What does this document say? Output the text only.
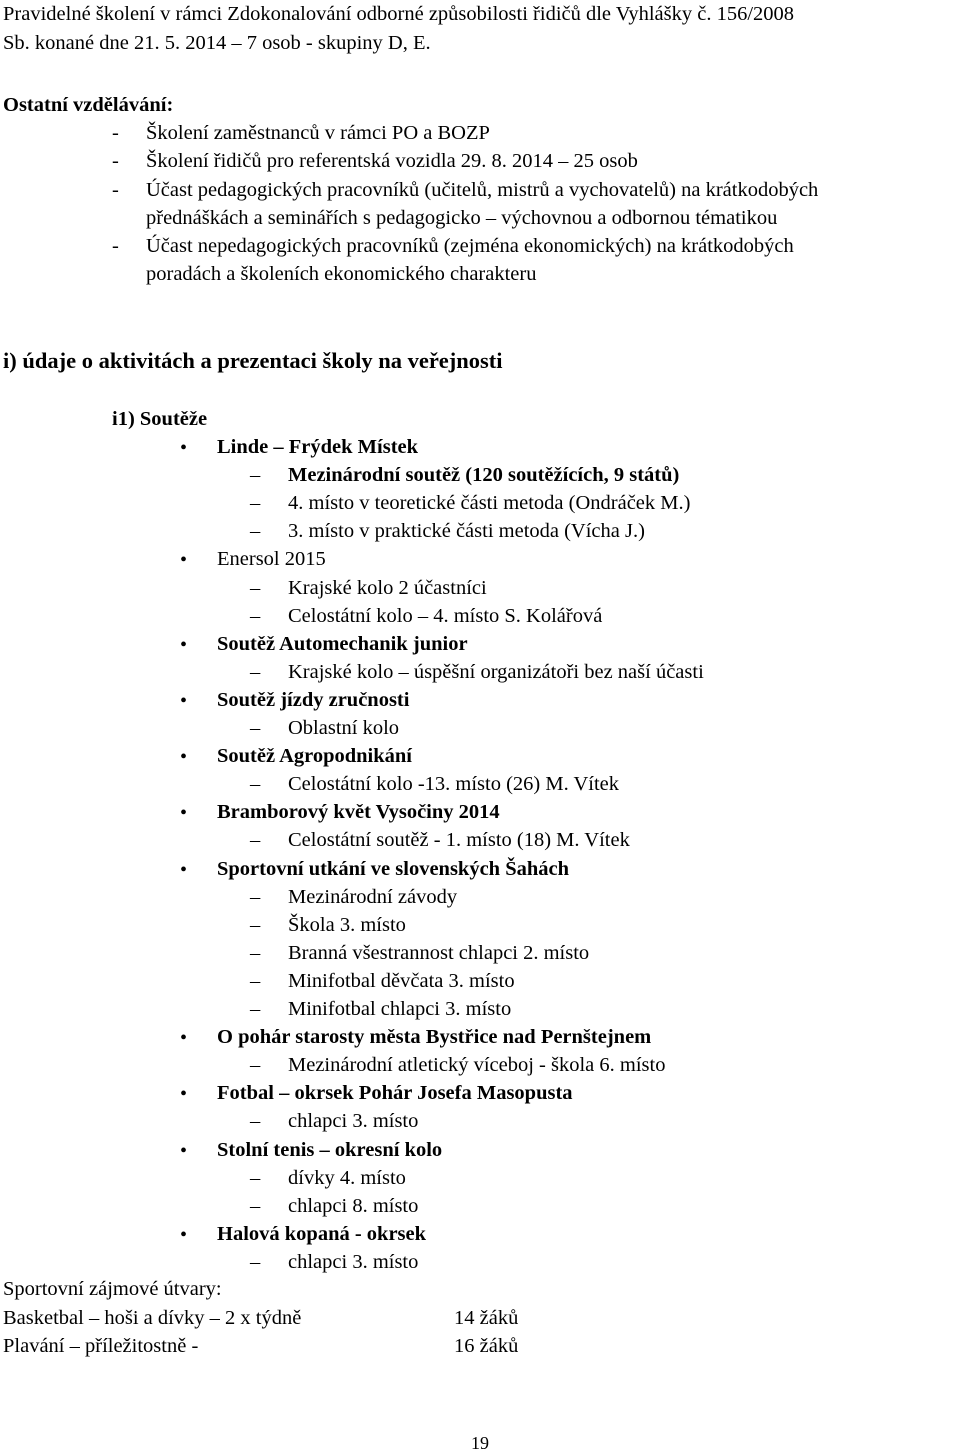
Pravidelné školení v rámci Zdokonalování odborné způsobilosti řidičů dle Vyhlášky č. 156/2008
Sb. konané dne 21. 5. 2014 – 7 osob - skupiny D, E.
Ostatní vzdělávání:
- Školení zaměstnanců v rámci PO a BOZP
- Školení řidičů pro referentská vozidla 29. 8. 2014 – 25 osob
- Účast pedagogických pracovníků (učitelů, mistrů a vychovatelů) na krátkodobých
přednáškách a seminářích s pedagogicko – výchovnou a odbornou tématikou
- Účast nepedagogických pracovníků (zejména ekonomických) na krátkodobých
poradách a školeních ekonomického charakteru
i) údaje o aktivitách a prezentaci školy na veřejnosti
i1) Soutěže
• Linde – Frýdek Místek
– Mezinárodní soutěž (120 soutěžících, 9 států)
– 4. místo v teoretické části metoda (Ondráček M.)
– 3. místo v praktické části metoda (Vícha J.)
• Enersol 2015
– Krajské kolo 2 účastníci
– Celostátní kolo – 4. místo S. Kolářová
• Soutěž Automechanik junior
– Krajské kolo – úspěšní organizátoři bez naší účasti
• Soutěž jízdy zručnosti
– Oblastní kolo
• Soutěž Agropodnikání
– Celostátní kolo -13. místo (26) M. Vítek
• Bramborový květ Vysočiny 2014
– Celostátní soutěž - 1. místo (18) M. Vítek
• Sportovní utkání ve slovenských Šahách
– Mezinárodní závody
– Škola 3. místo
– Branná všestrannost chlapci 2. místo
– Minifotbal děvčata 3. místo
– Minifotbal chlapci 3. místo
• O pohár starosty města Bystřice nad Pernštejnem
– Mezinárodní atletický víceboj - škola 6. místo
• Fotbal – okrsek Pohár Josefa Masopusta
– chlapci 3. místo
• Stolní tenis – okresní kolo
– dívky 4. místo
– chlapci 8. místo
• Halová kopaná - okrsek
– chlapci 3. místo
Sportovní zájmové útvary:
Basketbal – hoši a dívky – 2 x týdně	14 žáků
Plavání – příležitostně -	16 žáků
19
